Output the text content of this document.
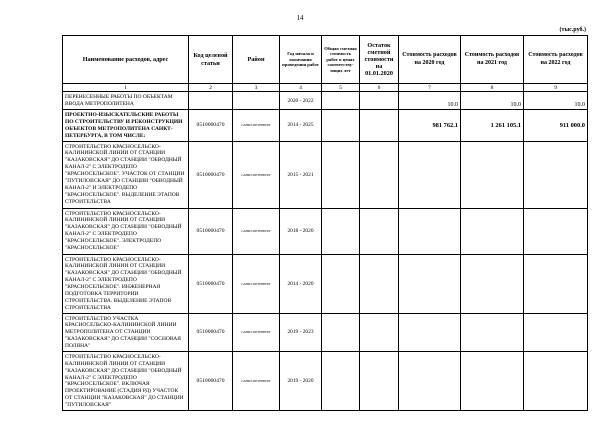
14
(тыс.руб.)
Наименование расходов, адрес	Код целевой статьи	Район	Год начала и окончания проведения работ	Общая сметная стоимость работ в ценах соответству-ющих лет	Остаток сметной стоимости на 01.01.2020	Стоимость расходов на 2020 год	Стоимость расходов на 2021 год	Стоимость расходов на 2022 год
1	2	3	4	5	6	7	8	9
ПЕРЕНЕСЕННЫЕ РАБОТЫ ПО ОБЪЕКТАМ ВВОДА МЕТРОПОЛИТЕНА			2020 - 2022			10.0	10.0	10.0
ПРОЕКТНО-ИЗЫСКАТЕЛЬСКИЕ РАБОТЫ ПО СТРОИТЕЛЬСТВУ И РЕКОНСТРУКЦИИ ОБЪЕКТОВ МЕТРОПОЛИТЕНА САНКТ-ПЕТЕРБУРГА, В ТОМ ЧИСЛЕ:	0510060470	САНКТ-ПЕТЕРБУРГ	2014 - 2025			981 762.1	1 261 105.1	911 000.0
СТРОИТЕЛЬСТВО КРАСНОСЕЛЬСКО-КАЛИНИНСКОЙ ЛИНИИ ОТ СТАНЦИИ "КАЗАКОВСКАЯ" ДО СТАНЦИИ "ОБВОДНЫЙ КАНАЛ-2" С ЭЛЕКТРОДЕПО "КРАСНОСЕЛЬСКОЕ". УЧАСТОК ОТ СТАНЦИИ "ПУТИЛОВСКАЯ" ДО СТАНЦИИ "ОБВОДНЫЙ КАНАЛ-2" И ЭЛЕКТРОДЕПО "КРАСНОСЕЛЬСКОЕ". ВЫДЕЛЕНИЕ ЭТАПОВ СТРОИТЕЛЬСТВА	0510060470	САНКТ-ПЕТЕРБУРГ	2015 - 2021					
СТРОИТЕЛЬСТВО КРАСНОСЕЛЬСКО-КАЛИНИНСКОЙ ЛИНИИ ОТ СТАНЦИИ "КАЗАКОВСКАЯ" ДО СТАНЦИИ "ОБВОДНЫЙ КАНАЛ-2" С ЭЛЕКТРОДЕПО "КРАСНОСЕЛЬСКОЕ". ЭЛЕКТРОДЕПО "КРАСНОСЕЛЬСКОЕ"	0510060470	САНКТ-ПЕТЕРБУРГ	2018 - 2020					
СТРОИТЕЛЬСТВО КРАСНОСЕЛЬСКО-КАЛИНИНСКОЙ ЛИНИИ ОТ СТАНЦИИ "КАЗАКОВСКАЯ" ДО СТАНЦИИ "ОБВОДНЫЙ КАНАЛ-2" С ЭЛЕКТРОДЕПО "КРАСНОСЕЛЬСКОЕ". ИНЖЕНЕРНАЯ ПОДГОТОВКА ТЕРРИТОРИИ СТРОИТЕЛЬСТВА. ВЫДЕЛЕНИЕ ЭТАПОВ СТРОИТЕЛЬСТВА	0510060470	САНКТ-ПЕТЕРБУРГ	2014 - 2020					
СТРОИТЕЛЬСТВО УЧАСТКА КРАСНОСЕЛЬСКО-КАЛИНИНСКОЙ ЛИНИИ МЕТРОПОЛИТЕНА ОТ СТАНЦИИ "КАЗАКОВСКАЯ" ДО СТАНЦИИ "СОСНОВАЯ ПОЛЯНА"	0510060470	САНКТ-ПЕТЕРБУРГ	2019 - 2023					
СТРОИТЕЛЬСТВО КРАСНОСЕЛЬСКО-КАЛИНИНСКОЙ ЛИНИИ ОТ СТАНЦИИ "КАЗАКОВСКАЯ" ДО СТАНЦИИ "ОБВОДНЫЙ КАНАЛ-2" С ЭЛЕКТРОДЕПО "КРАСНОСЕЛЬСКОЕ". ВКЛЮЧАЯ ПРОЕКТИРОВАНИЕ (СТАДИЯ РД) УЧАСТОК ОТ СТАНЦИИ "КАЗАКОВСКАЯ" ДО СТАНЦИИ "ПУТИЛОВСКАЯ"	0510060470	САНКТ-ПЕТЕРБУРГ	2019 - 2020					
